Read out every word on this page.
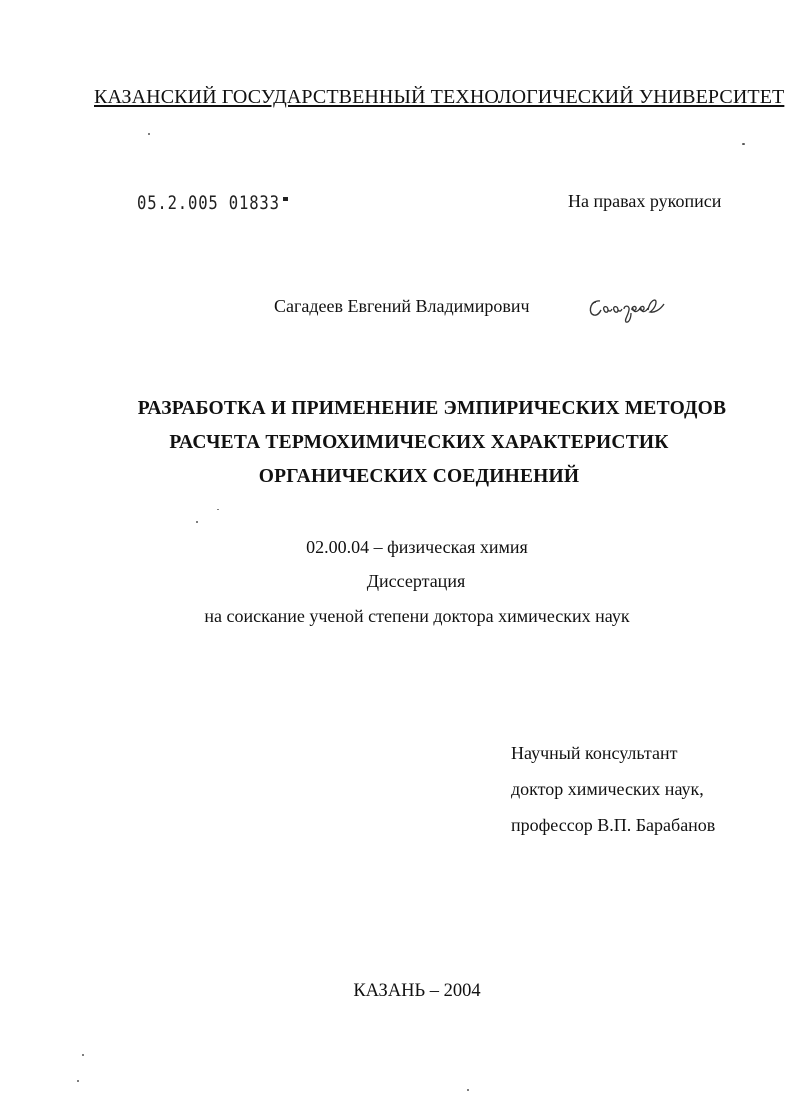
КАЗАНСКИЙ ГОСУДАРСТВЕННЫЙ ТЕХНОЛОГИЧЕСКИЙ УНИВЕРСИТЕТ
05.2.005 01833	На правах рукописи
Сагадеев Евгений Владимирович
РАЗРАБОТКА И ПРИМЕНЕНИЕ ЭМПИРИЧЕСКИХ МЕТОДОВ
РАСЧЕТА ТЕРМОХИМИЧЕСКИХ ХАРАКТЕРИСТИК
ОРГАНИЧЕСКИХ СОЕДИНЕНИЙ
02.00.04 – физическая химия
Диссертация
на соискание ученой степени доктора химических наук
Научный консультант
доктор химических наук,
профессор В.П. Барабанов
КАЗАНЬ – 2004
